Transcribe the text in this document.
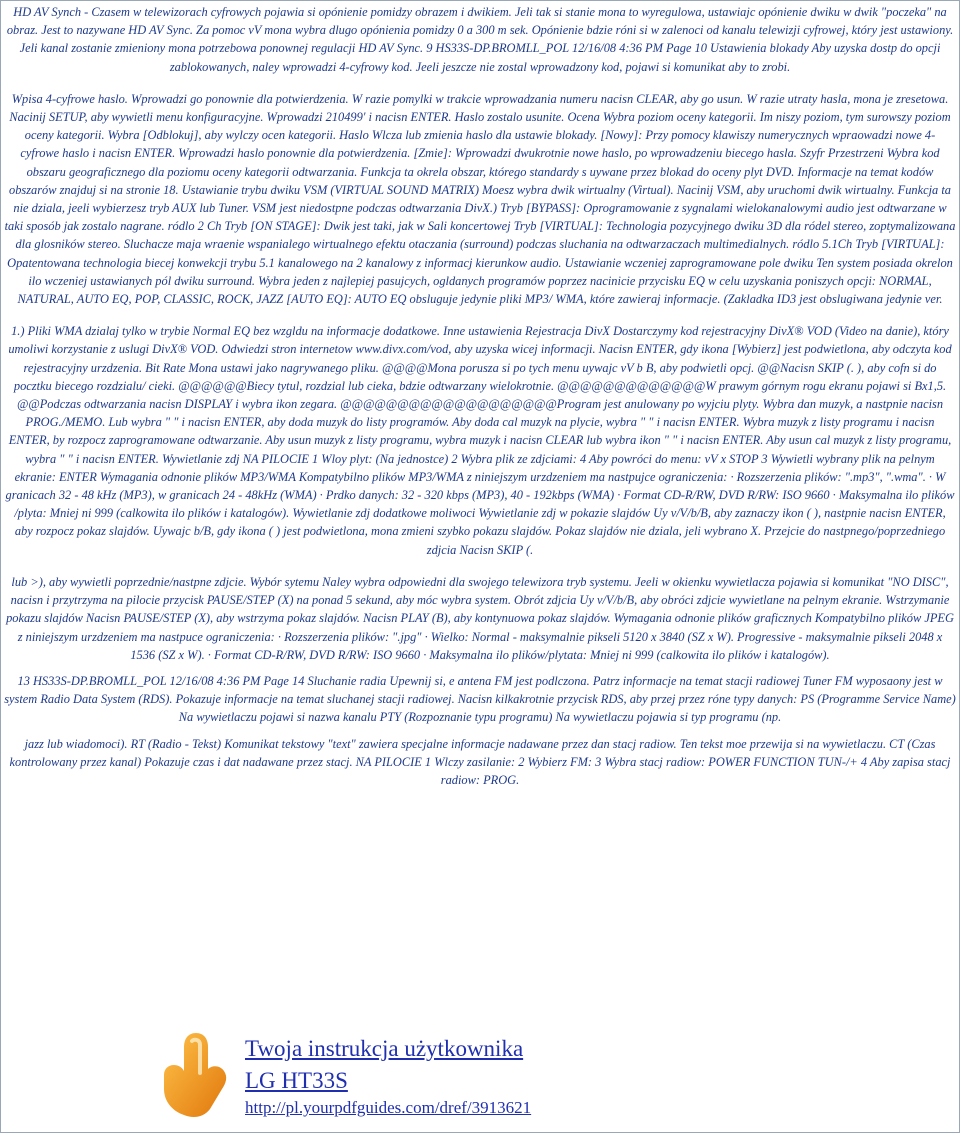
HD AV Synch - Czasem w telewizorach cyfrowych pojawia si opónienie pomidzy obrazem i dwikiem. Jeli tak si stanie mona to wyregulowa, ustawiajc opónienie dwiku w dwik "poczeka" na obraz. Jest to nazywane HD AV Sync. Za pomoc vV mona wybra dlugo opónienia pomidzy 0 a 300 m sek. Opónienie bdzie róni si w zalenoci od kanalu telewizji cyfrowej, który jest ustawiony. Jeli kanal zostanie zmieniony mona potrzebowa ponownej regulacji HD AV Sync. 9 HS33S-DP.BROMLL_POL 12/16/08 4:36 PM Page 10 Ustawienia blokady Aby uzyska dostp do opcji zablokowanych, naley wprowadzi 4-cyfrowy kod. Jeeli jeszcze nie zostal wprowadzony kod, pojawi si komunikat aby to zrobi.

Wpisa 4-cyfrowe haslo. Wprowadzi go ponownie dla potwierdzenia. W razie pomylki w trakcie wprowadzania numeru nacisn CLEAR, aby go usun. W razie utraty hasla, mona je zresetowa. Nacinij SETUP, aby wywietli menu konfiguracyjne. Wprowadzi 210499' i nacisn ENTER. Haslo zostalo usunite. Ocena Wybra poziom oceny kategorii. Im niszy poziom, tym surowszy poziom oceny kategorii. Wybra [Odblokuj], aby wylczy ocen kategorii. Haslo Wlcza lub zmienia haslo dla ustawie blokady. [Nowy]: Przy pomocy klawiszy numerycznych wpraowadzi nowe 4- cyfrowe haslo i nacisn ENTER. Wprowadzi haslo ponownie dla potwierdzenia. [Zmie]: Wprowadzi dwukrotnie nowe haslo, po wprowadzeniu biecego hasla. Szyfr Przestrzeni Wybra kod obszaru geograficznego dla poziomu oceny kategorii odtwarzania. Funkcja ta okrela obszar, którego standardy s uywane przez blokad do oceny plyt DVD. Informacje na temat kodów obszarów znajduj si na stronie 18. Ustawianie trybu dwiku VSM (VIRTUAL SOUND MATRIX) Moesz wybra dwik wirtualny (Virtual). Nacinij VSM, aby uruchomi dwik wirtualny. Funkcja ta nie dziala, jeeli wybierzesz tryb AUX lub Tuner. VSM jest niedostpne podczas odtwarzania DivX.) Tryb [BYPASS]: Oprogramowanie z sygnalami wielokanalowymi audio jest odtwarzane w taki sposób jak zostalo nagrane. ródlo 2 Ch Tryb [ON STAGE]: Dwik jest taki, jak w Sali koncertowej Tryb [VIRTUAL]: Technologia pozycyjnego dwiku 3D dla ródel stereo, zoptymalizowana dla glosników stereo. Sluchacze maja wraenie wspanialego wirtualnego efektu otaczania (surround) podczas sluchania na odtwarzaczach multimedialnych. ródlo 5.1Ch Tryb [VIRTUAL]: Opatentowana technologia biecej konwekcji trybu 5.1 kanalowego na 2 kanalowy z informacj kierunkow audio. Ustawianie wczeniej zaprogramowane pole dwiku Ten system posiada okrelon ilo wczeniej ustawianych pól dwiku surround. Wybra jeden z najlepiej pasujcych, ogldanych programów poprzez nacinicie przycisku EQ w celu uzyskania poniszych opcji: NORMAL, NATURAL, AUTO EQ, POP, CLASSIC, ROCK, JAZZ [AUTO EQ]: AUTO EQ obsluguje jedynie pliki MP3/ WMA, które zawieraj informacje. (Zakladka ID3 jest obslugiwana jedynie ver.

1.) Pliki WMA dzialaj tylko w trybie Normal EQ bez wzgldu na informacje dodatkowe. Inne ustawienia Rejestracja DivX Dostarczymy kod rejestracyjny DivX® VOD (Video na danie), który umoliwi korzystanie z uslugi DivX® VOD. Odwiedzi stron internetow www.divx.com/vod, aby uzyska wicej informacji. Nacisn ENTER, gdy ikona [Wybierz] jest podwietlona, aby odczyta kod rejestracyjny urzdzenia. Bit Rate Mona ustawi jako nagrywanego pliku. @@@@Mona porusza si po tych menu uywajc vV b B, aby podwietli opcj. @@Nacisn SKIP (. ), aby cofn si do pocztku biecego rozdzialu/ cieki. @@@@@@Biecy tytul, rozdzial lub cieka, bdzie odtwarzany wielokrotnie. @@@@@@@@@@@@@W prawym górnym rogu ekranu pojawi si Bx1,5. @@Podczas odtwarzania nacisn DISPLAY i wybra ikon zegara. @@@@@@@@@@@@@@@@@@@Program jest anulowany po wyjciu plyty. Wybra dan muzyk, a nastpnie nacisn PROG./MEMO. Lub wybra " " i nacisn ENTER, aby doda muzyk do listy programów. Aby doda cal muzyk na plycie, wybra " " i nacisn ENTER. Wybra muzyk z listy programu i nacisn ENTER, by rozpocz zaprogramowane odtwarzanie. Aby usun muzyk z listy programu, wybra muzyk i nacisn CLEAR lub wybra ikon " " i nacisn ENTER. Aby usun cal muzyk z listy programu, wybra " " i nacisn ENTER. Wywietlanie zdj NA PILOCIE 1 Wloy plyt: (Na jednostce) 2 Wybra plik ze zdjciami: 4 Aby powróci do menu: vV x STOP 3 Wywietli wybrany plik na pelnym ekranie: ENTER Wymagania odnonie plików MP3/WMA Kompatybilno plików MP3/WMA z niniejszym urzdzeniem ma nastpujce ograniczenia: · Rozszerzenia plików: ".mp3", ".wma". · W granicach 32 - 48 kHz (MP3), w granicach 24 - 48kHz (WMA) · Prdko danych: 32 - 320 kbps (MP3), 40 - 192kbps (WMA) · Format CD-R/RW, DVD R/RW: ISO 9660 · Maksymalna ilo plików /plyta: Mniej ni 999 (calkowita ilo plików i katalogów). Wywietlanie zdj dodatkowe moliwoci Wywietlanie zdj w pokazie slajdów Uy v/V/b/B, aby zaznaczy ikon ( ), nastpnie nacisn ENTER, aby rozpocz pokaz slajdów. Uywajc b/B, gdy ikona ( ) jest podwietlona, mona zmieni szybko pokazu slajdów. Pokaz slajdów nie dziala, jeli wybrano X. Przejcie do nastpnego/poprzedniego zdjcia Nacisn SKIP (.

lub >), aby wywietli poprzednie/nastpne zdjcie. Wybór sytemu Naley wybra odpowiedni dla swojego telewizora tryb systemu. Jeeli w okienku wywietlacza pojawia si komunikat "NO DISC", nacisn i przytrzyma na pilocie przycisk PAUSE/STEP (X) na ponad 5 sekund, aby móc wybra system. Obrót zdjcia Uy v/V/b/B, aby obróci zdjcie wywietlane na pelnym ekranie. Wstrzymanie pokazu slajdów Nacisn PAUSE/STEP (X), aby wstrzyma pokaz slajdów. Nacisn PLAY (B), aby kontynuowa pokaz slajdów. Wymagania odnonie plików graficznych Kompatybilno plików JPEG z niniejszym urzdzeniem ma nastpuce ograniczenia: · Rozszerzenia plików: ".jpg" · Wielko: Normal - maksymalnie pikseli 5120 x 3840 (SZ x W). Progressive - maksymalnie pikseli 2048 x 1536 (SZ x W). · Format CD-R/RW, DVD R/RW: ISO 9660 · Maksymalna ilo plików/plytata: Mniej ni 999 (calkowita ilo plików i katalogów).

13 HS33S-DP.BROMLL_POL 12/16/08 4:36 PM Page 14 Sluchanie radia Upewnij si, e antena FM jest podlczona. Patrz informacje na temat stacji radiowej Tuner FM wyposaony jest w system Radio Data System (RDS). Pokazuje informacje na temat sluchanej stacji radiowej. Nacisn kilkakrotnie przycisk RDS, aby przej przez róne typy danych: PS (Programme Service Name) Na wywietlaczu pojawi si nazwa kanalu PTY (Rozpoznanie typu programu) Na wywietlaczu pojawia si typ programu (np.

jazz lub wiadomoci). RT (Radio - Tekst) Komunikat tekstowy "text" zawiera specjalne informacje nadawane przez dan stacj radiow. Ten tekst moe przewija si na wywietlaczu. CT (Czas kontrolowany przez kanal) Pokazuje czas i dat nadawane przez stacj. NA PILOCIE 1 Wlczy zasilanie: 2 Wybierz FM: 3 Wybra stacj radiow: POWER FUNCTION TUN-/+ 4 Aby zapisa stacj radiow: PROG.

Twoja instrukcja użytkownika
LG HT33S
http://pl.yourpdfguides.com/dref/3913621
